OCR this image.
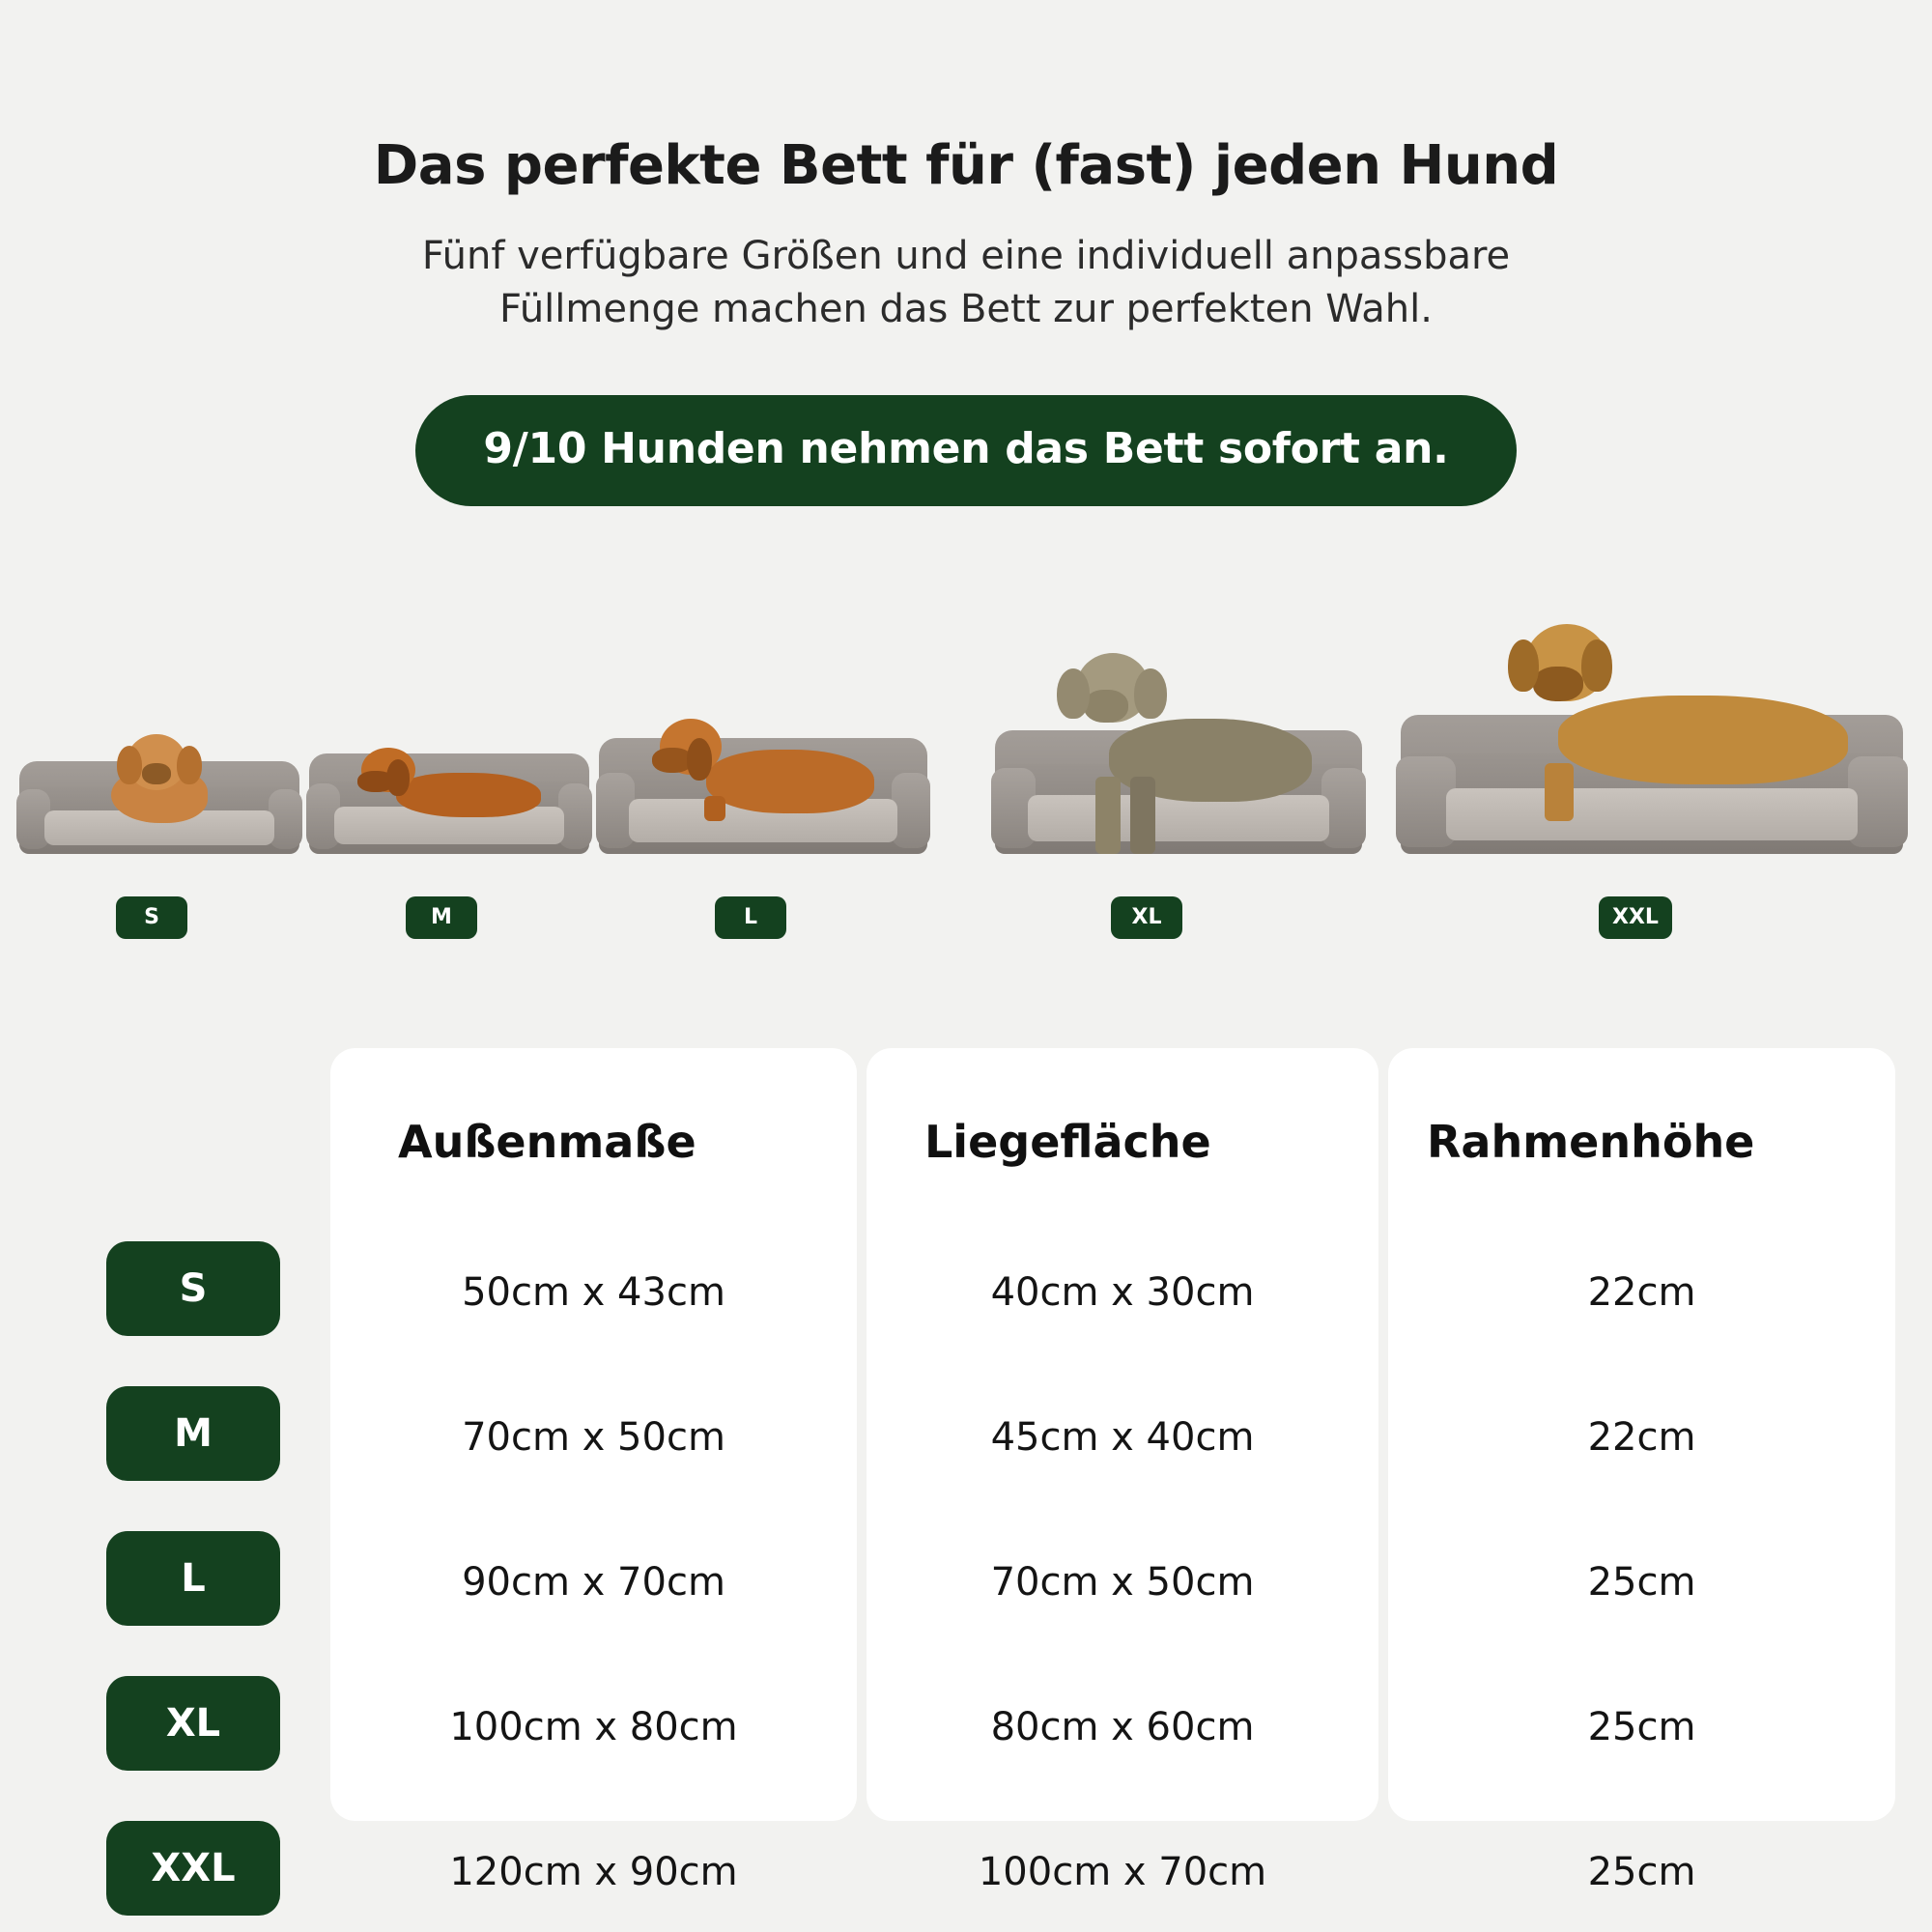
Das perfekte Bett für (fast) jeden Hund
Fünf verfügbare Größen und eine individuell anpassbare
Füllmenge machen das Bett zur perfekten Wahl.
9/10 Hunden nehmen das Bett sofort an.
S	M	L	XL	XXL
Außenmaße	Liegefläche	Rahmenhöhe
S	50cm x 43cm	40cm x 30cm	22cm
M	70cm x 50cm	45cm x 40cm	22cm
L	90cm x 70cm	70cm x 50cm	25cm
XL	100cm x 80cm	80cm x 60cm	25cm
XXL	120cm x 90cm	100cm x 70cm	25cm
